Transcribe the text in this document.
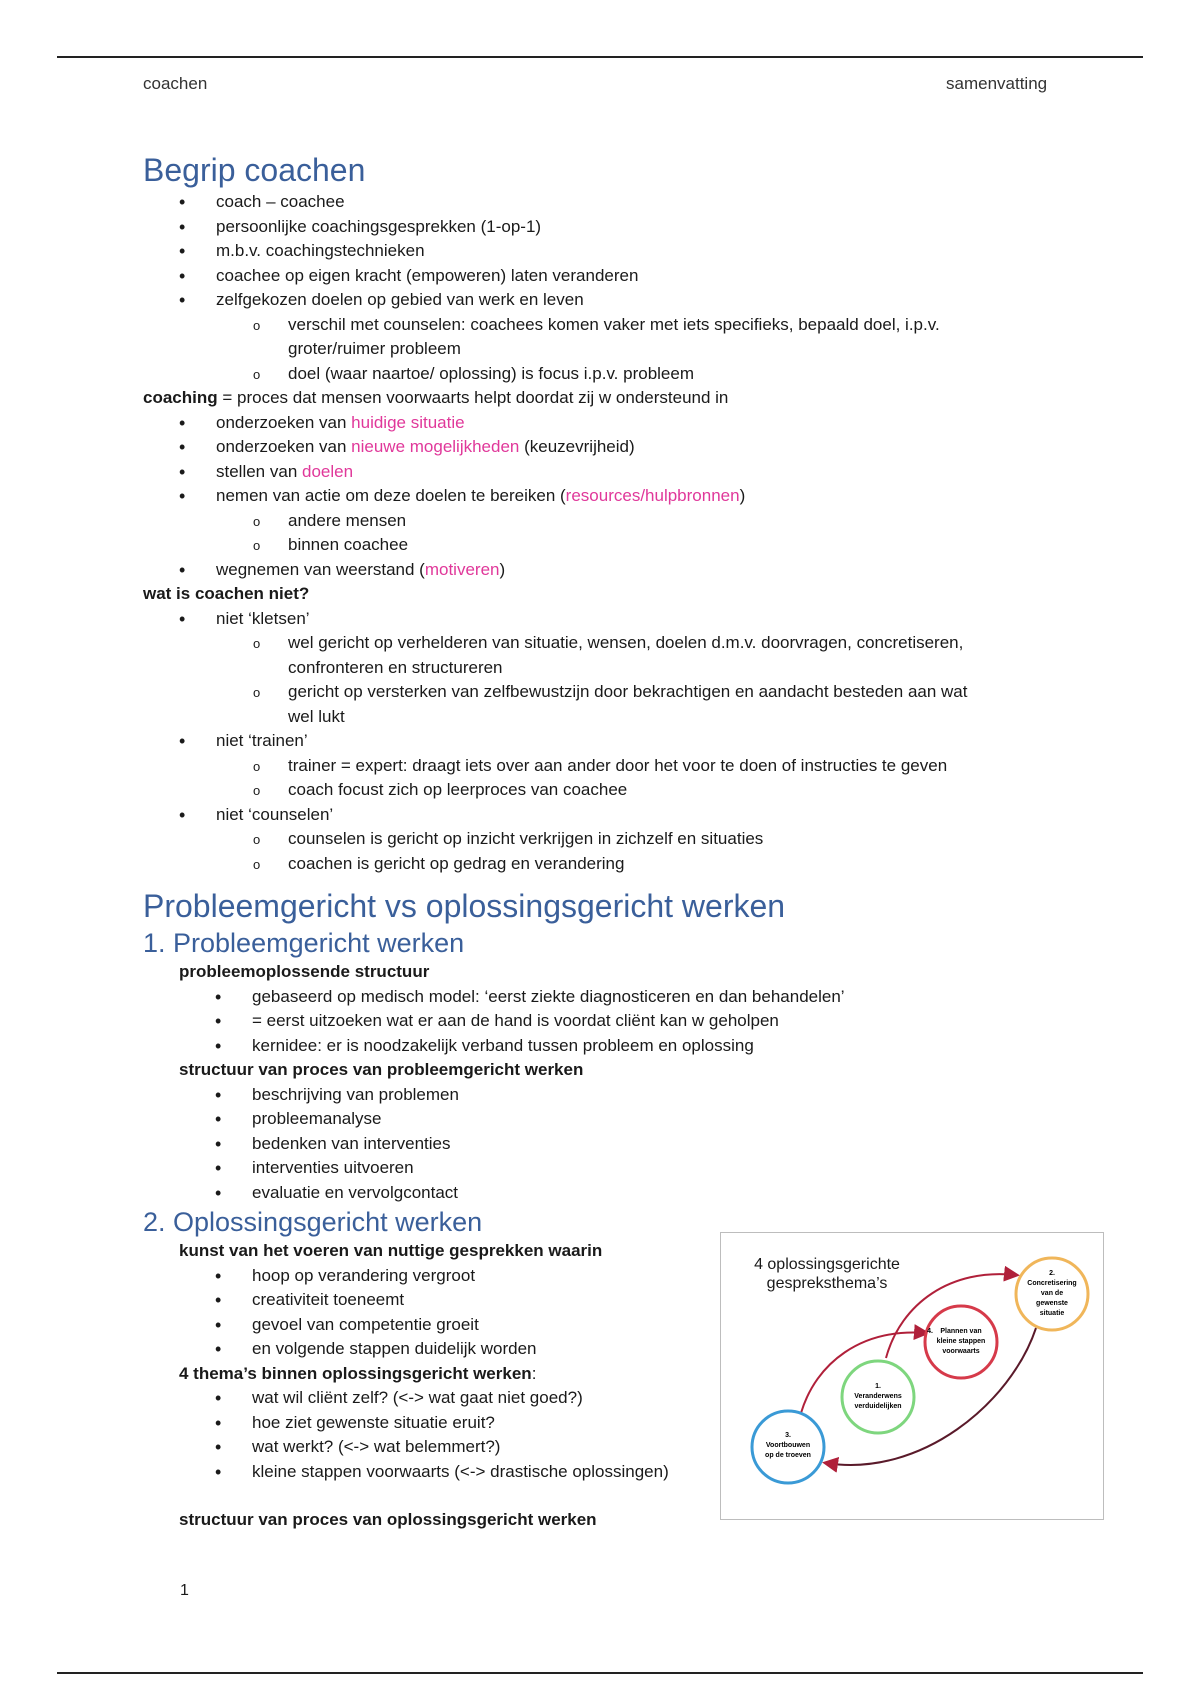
coachen	samenvatting
Begrip coachen
• coach – coachee
• persoonlijke coachingsgesprekken (1-op-1)
• m.b.v. coachingstechnieken
• coachee op eigen kracht (empoweren) laten veranderen
• zelfgekozen doelen op gebied van werk en leven
o verschil met counselen: coachees komen vaker met iets specifieks, bepaald doel, i.p.v.
groter/ruimer probleem
o doel (waar naartoe/ oplossing) is focus i.p.v. probleem
coaching = proces dat mensen voorwaarts helpt doordat zij w ondersteund in
• onderzoeken van huidige situatie
• onderzoeken van nieuwe mogelijkheden (keuzevrijheid)
• stellen van doelen
• nemen van actie om deze doelen te bereiken (resources/hulpbronnen)
o andere mensen
o binnen coachee
• wegnemen van weerstand (motiveren)
wat is coachen niet?
• niet ‘kletsen’
o wel gericht op verhelderen van situatie, wensen, doelen d.m.v. doorvragen, concretiseren,
confronteren en structureren
o gericht op versterken van zelfbewustzijn door bekrachtigen en aandacht besteden aan wat
wel lukt
• niet ‘trainen’
o trainer = expert: draagt iets over aan ander door het voor te doen of instructies te geven
o coach focust zich op leerproces van coachee
• niet ‘counselen’
o counselen is gericht op inzicht verkrijgen in zichzelf en situaties
o coachen is gericht op gedrag en verandering
Probleemgericht vs oplossingsgericht werken
1. Probleemgericht werken
probleemoplossende structuur
• gebaseerd op medisch model: ‘eerst ziekte diagnosticeren en dan behandelen’
• = eerst uitzoeken wat er aan de hand is voordat cliënt kan w geholpen
• kernidee: er is noodzakelijk verband tussen probleem en oplossing
structuur van proces van probleemgericht werken
• beschrijving van problemen
• probleemanalyse
• bedenken van interventies
• interventies uitvoeren
• evaluatie en vervolgcontact
2. Oplossingsgericht werken
kunst van het voeren van nuttige gesprekken waarin
• hoop op verandering vergroot
• creativiteit toeneemt
• gevoel van competentie groeit
• en volgende stappen duidelijk worden
4 thema’s binnen oplossingsgericht werken:
• wat wil cliënt zelf? (<-> wat gaat niet goed?)
• hoe ziet gewenste situatie eruit?
• wat werkt? (<-> wat belemmert?)
• kleine stappen voorwaarts (<-> drastische oplossingen)
structuur van proces van oplossingsgericht werken
4 oplossingsgerichte
gespreksthema’s
1.
Veranderwens
verduidelijken
2.
Concretisering
van de
gewenste
situatie
3.
Voortbouwen
op de troeven
Plannen van
kleine stappen
voorwaarts
4.
1
